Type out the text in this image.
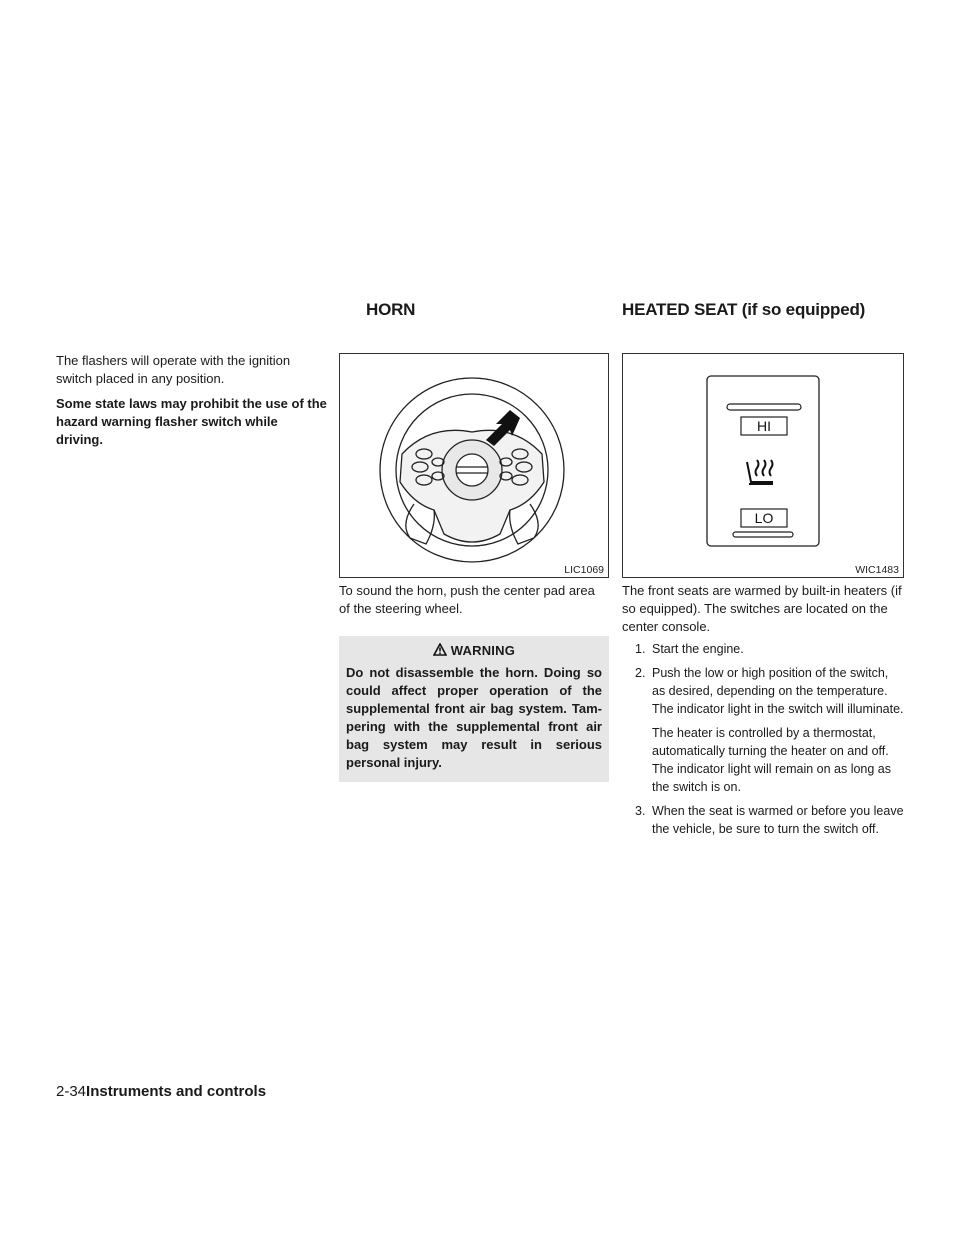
HORN	HEATED SEAT (if so equipped)

The flashers will operate with the ignition switch placed in any position.

Some state laws may prohibit the use of the hazard warning flasher switch while driving.

LIC1069

To sound the horn, push the center pad area of the steering wheel.

WARNING
Do not disassemble the horn. Doing so could affect proper operation of the supplemental front air bag system. Tam-pering with the supplemental front air bag system may result in serious personal injury.
HI
LO
WIC1483

The front seats are warmed by built-in heaters (if so equipped). The switches are located on the center console.

1. Start the engine.
2. Push the low or high position of the switch, as desired, depending on the temperature. The indicator light in the switch will illuminate.

The heater is controlled by a thermostat, automatically turning the heater on and off. The indicator light will remain on as long as the switch is on.

3. When the seat is warmed or before you leave the vehicle, be sure to turn the switch off.
2-34Instruments and controls
